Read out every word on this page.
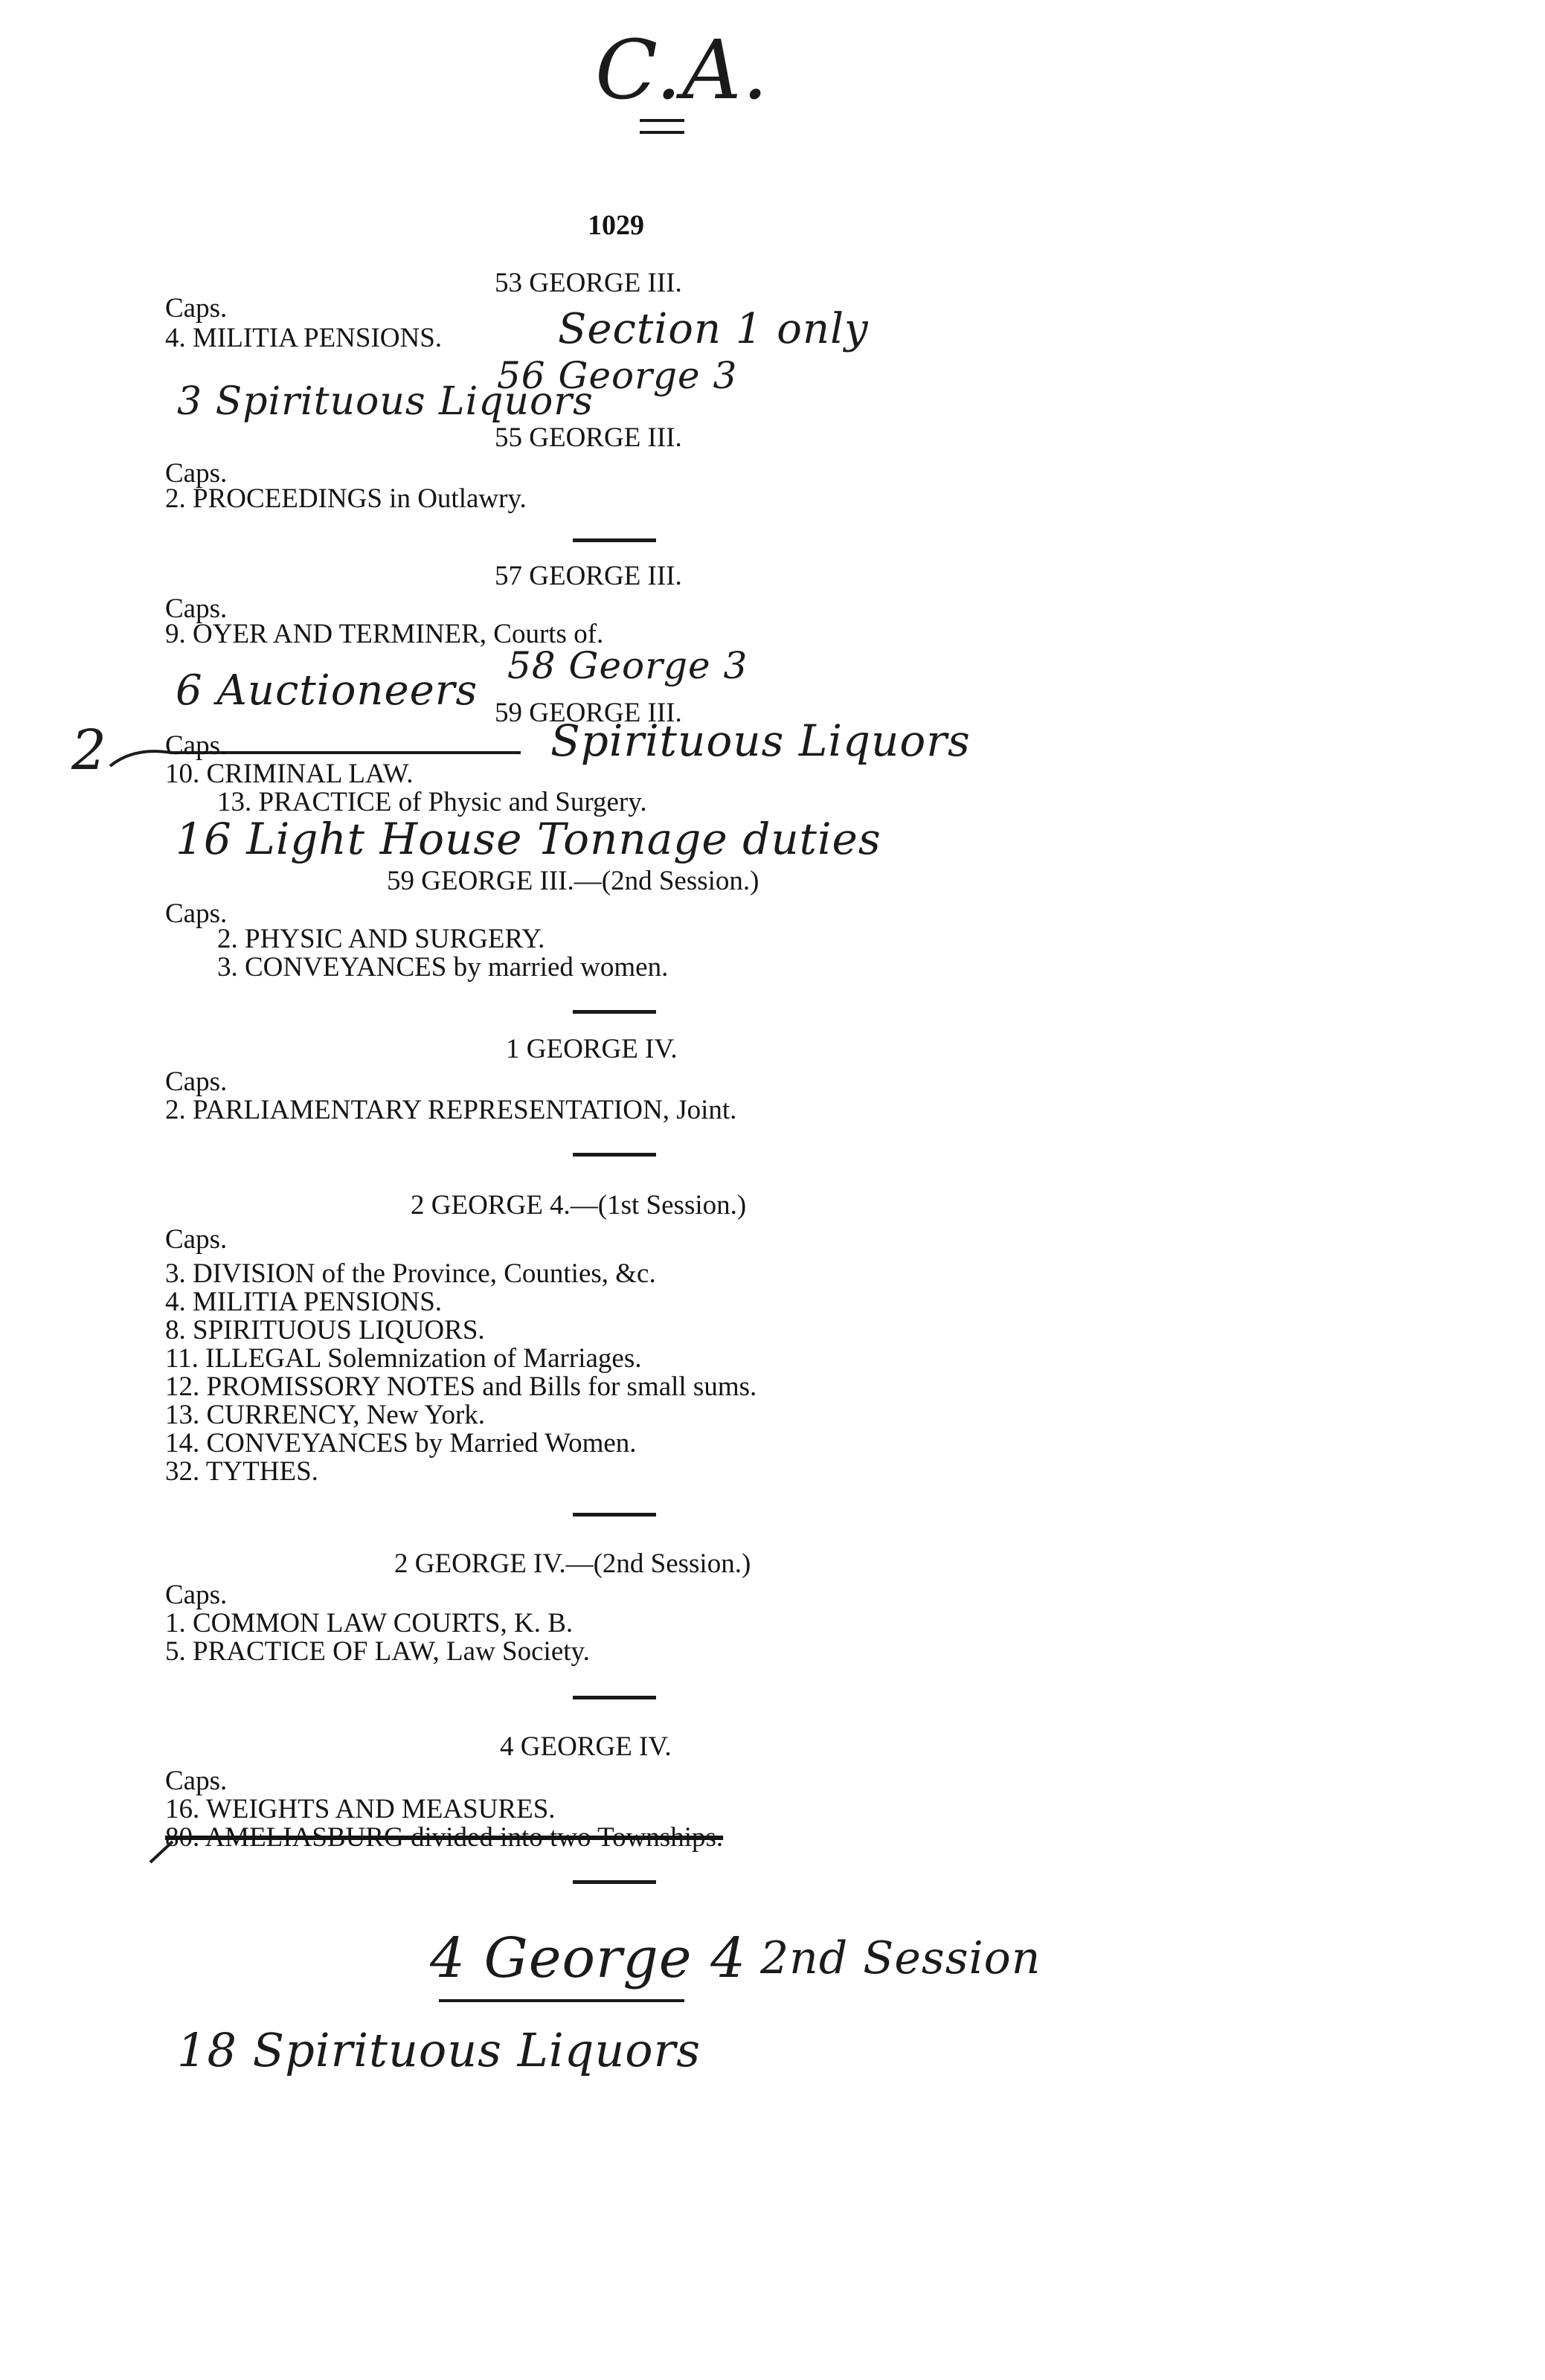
C.A.
1029
53 GEORGE III.
Caps.
4. MILITIA PENSIONS.	Section 1 only
56 George 3
3 Spirituous Liquors
55 GEORGE III.
Caps.
2. PROCEEDINGS in Outlawry.
57 GEORGE III.
Caps.
9. OYER AND TERMINER, Courts of.
58 George 3
6 Auctioneers 59 GEORGE III.
2 Caps.	Spirituous Liquors
10. CRIMINAL LAW.
13. PRACTICE of Physic and Surgery.
16 Light House Tonnage duties
59 GEORGE III.—(2nd Session.)
Caps.
2. PHYSIC AND SURGERY.
3. CONVEYANCES by married women.
1 GEORGE IV.
Caps.
2. PARLIAMENTARY REPRESENTATION, Joint.
2 GEORGE 4.—(1st Session.)
Caps.
3. DIVISION of the Province, Counties, &c.
4. MILITIA PENSIONS.
8. SPIRITUOUS LIQUORS.
11. ILLEGAL Solemnization of Marriages.
12. PROMISSORY NOTES and Bills for small sums.
13. CURRENCY, New York.
14. CONVEYANCES by Married Women.
32. TYTHES.
2 GEORGE IV.—(2nd Session.)
Caps.
1. COMMON LAW COURTS, K. B.
5. PRACTICE OF LAW, Law Society.
4 GEORGE IV.
Caps.
16. WEIGHTS AND MEASURES.
80. AMELIASBURG divided into two Townships.
4 George 4 2nd Session
18 Spirituous Liquors
